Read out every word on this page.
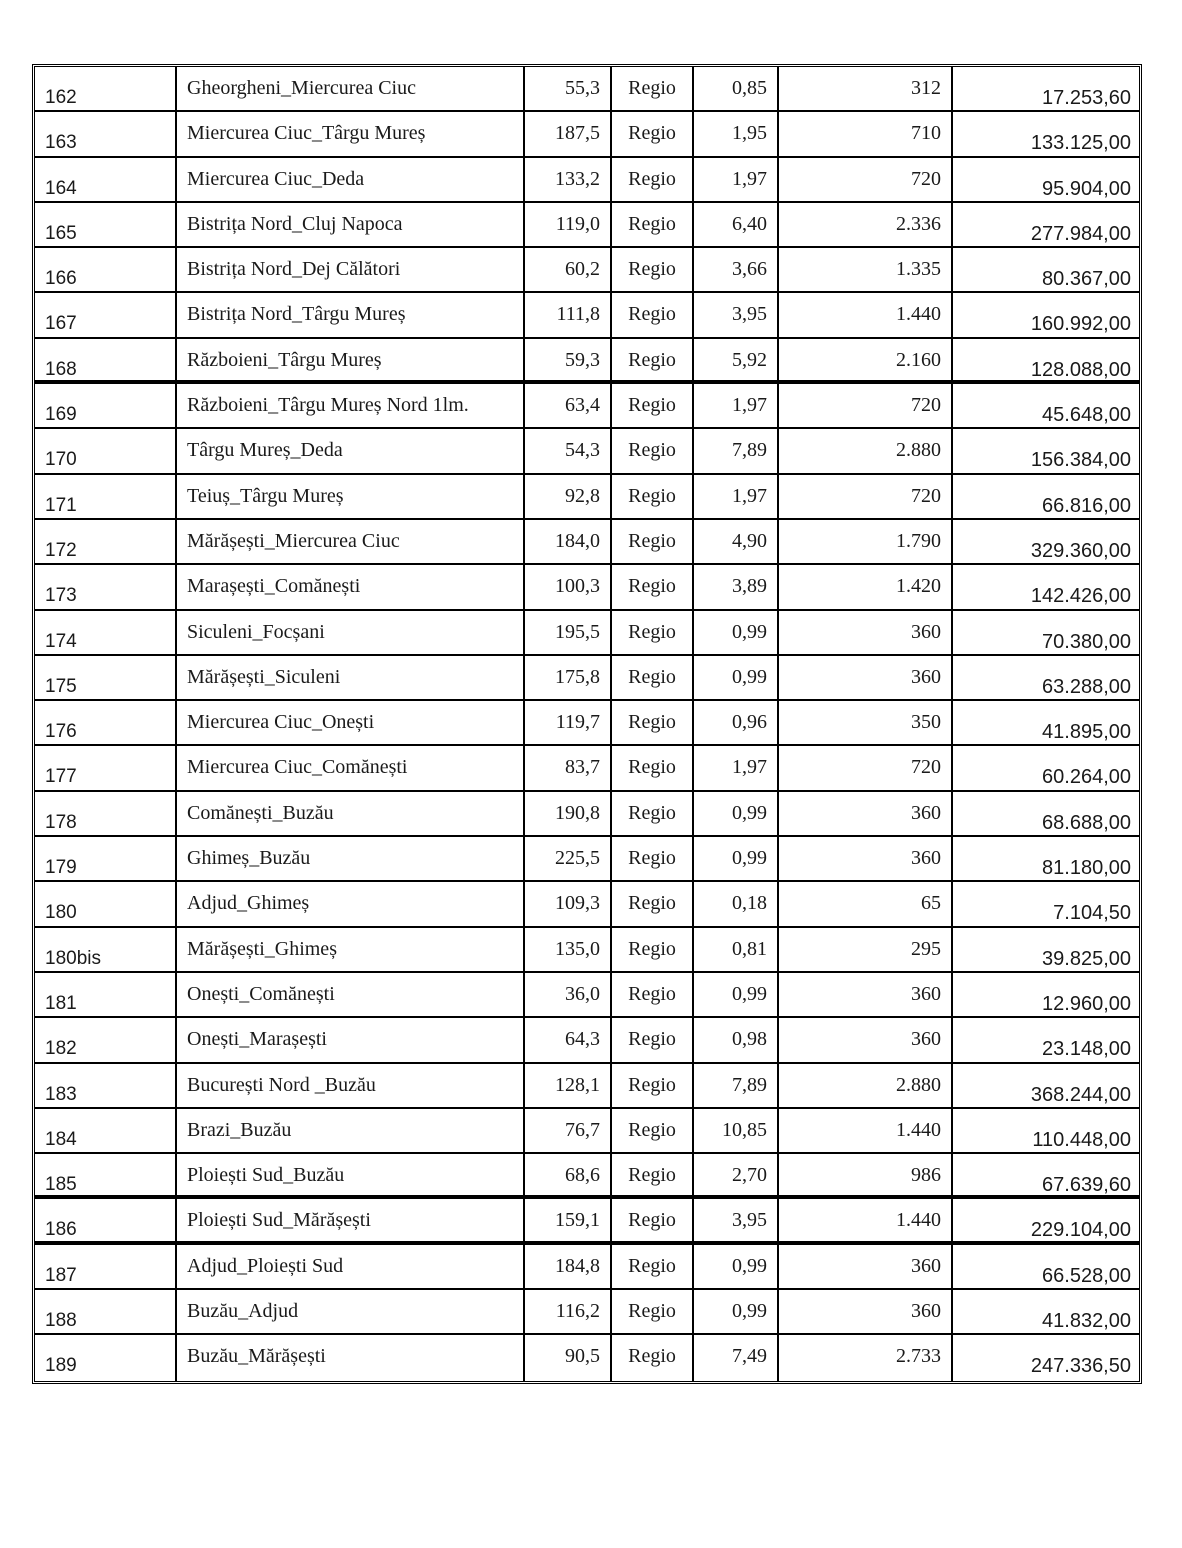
162	Gheorgheni_Miercurea Ciuc	55,3	Regio	0,85	312	17.253,60
163	Miercurea Ciuc_Târgu Mureș	187,5	Regio	1,95	710	133.125,00
164	Miercurea Ciuc_Deda	133,2	Regio	1,97	720	95.904,00
165	Bistrița Nord_Cluj Napoca	119,0	Regio	6,40	2.336	277.984,00
166	Bistrița Nord_Dej Călători	60,2	Regio	3,66	1.335	80.367,00
167	Bistrița Nord_Târgu Mureș	111,8	Regio	3,95	1.440	160.992,00
168	Războieni_Târgu Mureș	59,3	Regio	5,92	2.160	128.088,00
169	Războieni_Târgu Mureș Nord 1lm.	63,4	Regio	1,97	720	45.648,00
170	Târgu Mureș_Deda	54,3	Regio	7,89	2.880	156.384,00
171	Teiuș_Târgu Mureș	92,8	Regio	1,97	720	66.816,00
172	Mărășești_Miercurea Ciuc	184,0	Regio	4,90	1.790	329.360,00
173	Marașești_Comănești	100,3	Regio	3,89	1.420	142.426,00
174	Siculeni_Focșani	195,5	Regio	0,99	360	70.380,00
175	Mărășești_Siculeni	175,8	Regio	0,99	360	63.288,00
176	Miercurea Ciuc_Onești	119,7	Regio	0,96	350	41.895,00
177	Miercurea Ciuc_Comănești	83,7	Regio	1,97	720	60.264,00
178	Comănești_Buzău	190,8	Regio	0,99	360	68.688,00
179	Ghimeș_Buzău	225,5	Regio	0,99	360	81.180,00
180	Adjud_Ghimeș	109,3	Regio	0,18	65	7.104,50
180bis	Mărășești_Ghimeș	135,0	Regio	0,81	295	39.825,00
181	Onești_Comănești	36,0	Regio	0,99	360	12.960,00
182	Onești_Marașești	64,3	Regio	0,98	360	23.148,00
183	București Nord _Buzău	128,1	Regio	7,89	2.880	368.244,00
184	Brazi_Buzău	76,7	Regio	10,85	1.440	110.448,00
185	Ploiești Sud_Buzău	68,6	Regio	2,70	986	67.639,60
186	Ploiești Sud_Mărășești	159,1	Regio	3,95	1.440	229.104,00
187	Adjud_Ploiești Sud	184,8	Regio	0,99	360	66.528,00
188	Buzău_Adjud	116,2	Regio	0,99	360	41.832,00
189	Buzău_Mărășești	90,5	Regio	7,49	2.733	247.336,50
